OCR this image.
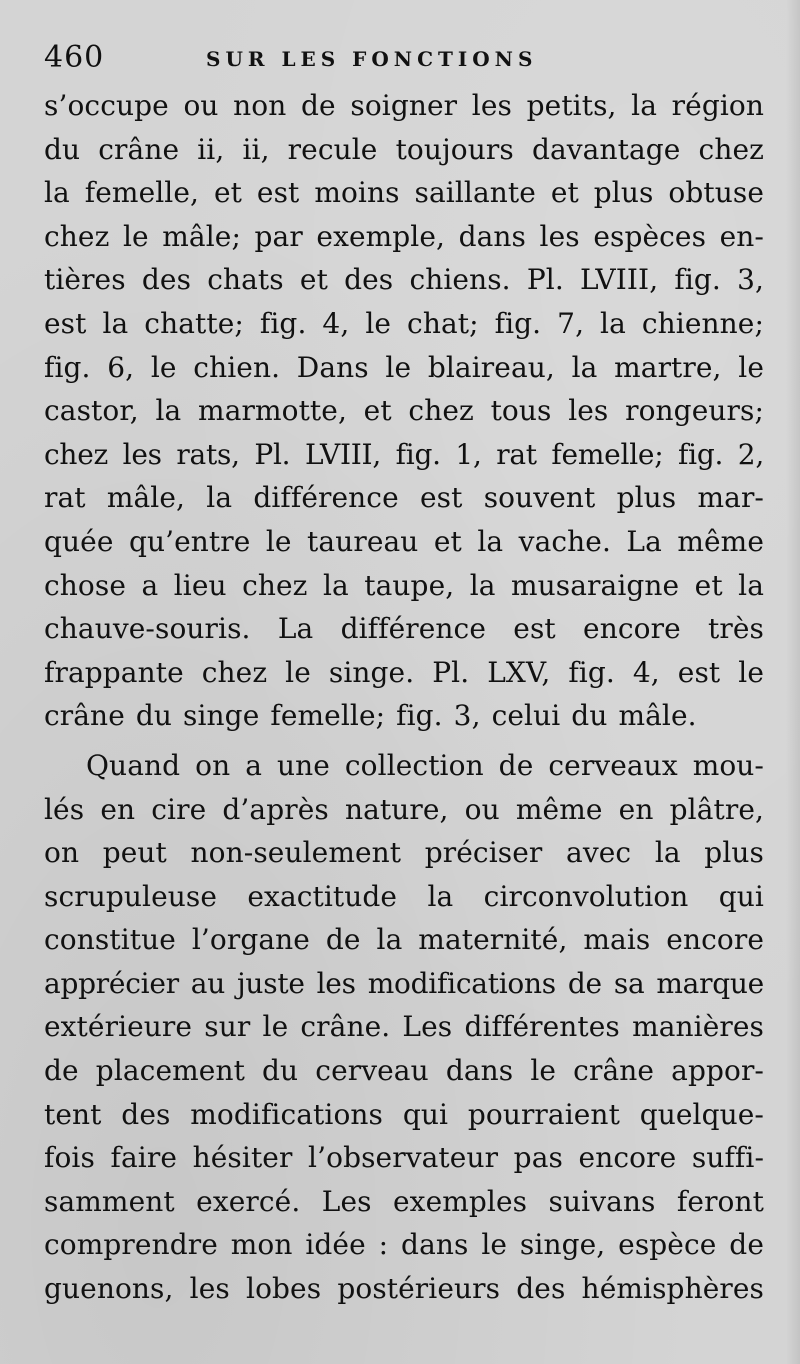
460	SUR LES FONCTIONS
s’occupe ou non de soigner les petits, la région
du crâne ii, ii, recule toujours davantage chez
la femelle, et est moins saillante et plus obtuse
chez le mâle; par exemple, dans les espèces en-
tières des chats et des chiens. Pl. LVIII, fig. 3,
est la chatte; fig. 4, le chat; fig. 7, la chienne;
fig. 6, le chien. Dans le blaireau, la martre, le
castor, la marmotte, et chez tous les rongeurs;
chez les rats, Pl. LVIII, fig. 1, rat femelle; fig. 2,
rat mâle, la différence est souvent plus mar-
quée qu’entre le taureau et la vache. La même
chose a lieu chez la taupe, la musaraigne et la
chauve-souris. La différence est encore très
frappante chez le singe. Pl. LXV, fig. 4, est le
crâne du singe femelle; fig. 3, celui du mâle.
Quand on a une collection de cerveaux mou-
lés en cire d’après nature, ou même en plâtre,
on peut non-seulement préciser avec la plus
scrupuleuse exactitude la circonvolution qui
constitue l’organe de la maternité, mais encore
apprécier au juste les modifications de sa marque
extérieure sur le crâne. Les différentes manières
de placement du cerveau dans le crâne appor-
tent des modifications qui pourraient quelque-
fois faire hésiter l’observateur pas encore suffi-
samment exercé. Les exemples suivans feront
comprendre mon idée : dans le singe, espèce de
guenons, les lobes postérieurs des hémisphères
